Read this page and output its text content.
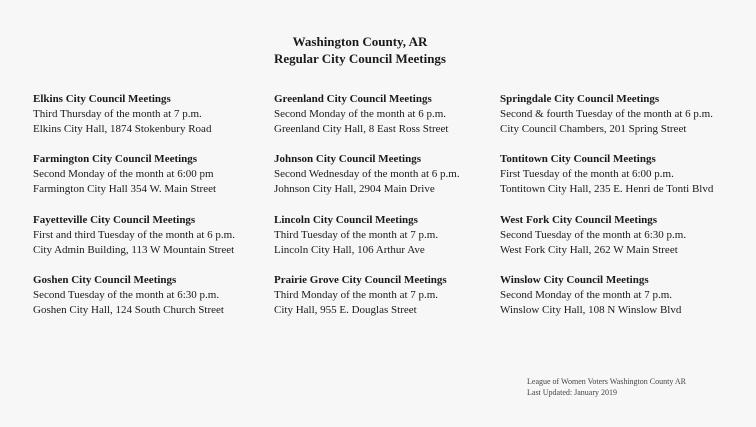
Washington County, AR
Regular City Council Meetings
Elkins City Council Meetings
Third Thursday of the month at 7 p.m.
Elkins City Hall, 1874 Stokenbury Road
Greenland City Council Meetings
Second Monday of the month at 6 p.m.
Greenland City Hall, 8 East Ross Street
Springdale City Council Meetings
Second & fourth Tuesday of the month at 6 p.m.
City Council Chambers, 201 Spring Street
Farmington City Council Meetings
Second Monday of the month at 6:00 pm
Farmington City Hall 354 W. Main Street
Johnson City Council Meetings
Second Wednesday of the month at 6 p.m.
Johnson City Hall, 2904 Main Drive
Tontitown City Council Meetings
First Tuesday of the month at 6:00 p.m.
Tontitown City Hall, 235 E. Henri de Tonti Blvd
Fayetteville City Council Meetings
First and third Tuesday of the month at 6 p.m.
City Admin Building, 113 W Mountain Street
Lincoln City Council Meetings
Third Tuesday of the month at 7 p.m.
Lincoln City Hall, 106 Arthur Ave
West Fork City Council Meetings
Second Tuesday of the month at 6:30 p.m.
West Fork City Hall, 262 W Main Street
Goshen City Council Meetings
Second Tuesday of the month at 6:30 p.m.
Goshen City Hall, 124 South Church Street
Prairie Grove City Council Meetings
Third Monday of the month at 7 p.m.
City Hall, 955 E. Douglas Street
Winslow City Council Meetings
Second Monday of the month at 7 p.m.
Winslow City Hall, 108 N Winslow Blvd
League of Women Voters Washington County AR
Last Updated: January 2019
